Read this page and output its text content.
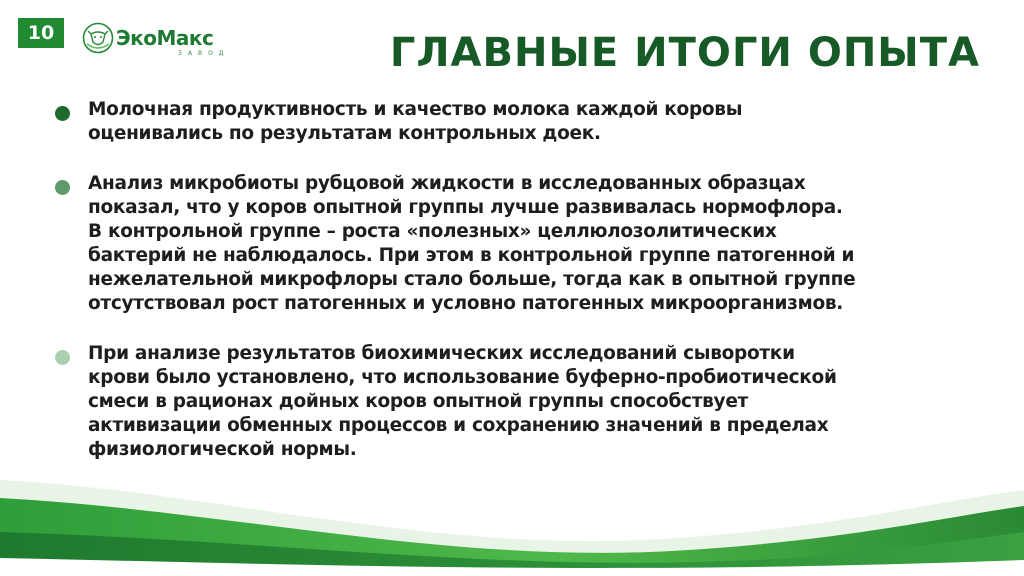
10	ЭкоМакс
ЗАВОД	ГЛАВНЫЕ ИТОГИ ОПЫТА

Молочная продуктивность и качество молока каждой коровы
оценивались по результатам контрольных доек.

Анализ микробиоты рубцовой жидкости в исследованных образцах
показал, что у коров опытной группы лучше развивалась нормофлора.
В контрольной группе – роста «полезных» целлюлозолитических
бактерий не наблюдалось. При этом в контрольной группе патогенной и
нежелательной микрофлоры стало больше, тогда как в опытной группе
отсутствовал рост патогенных и условно патогенных микроорганизмов.

При анализе результатов биохимических исследований сыворотки
крови было установлено, что использование буферно-пробиотической
смеси в рационах дойных коров опытной группы способствует
активизации обменных процессов и сохранению значений в пределах
физиологической нормы.
